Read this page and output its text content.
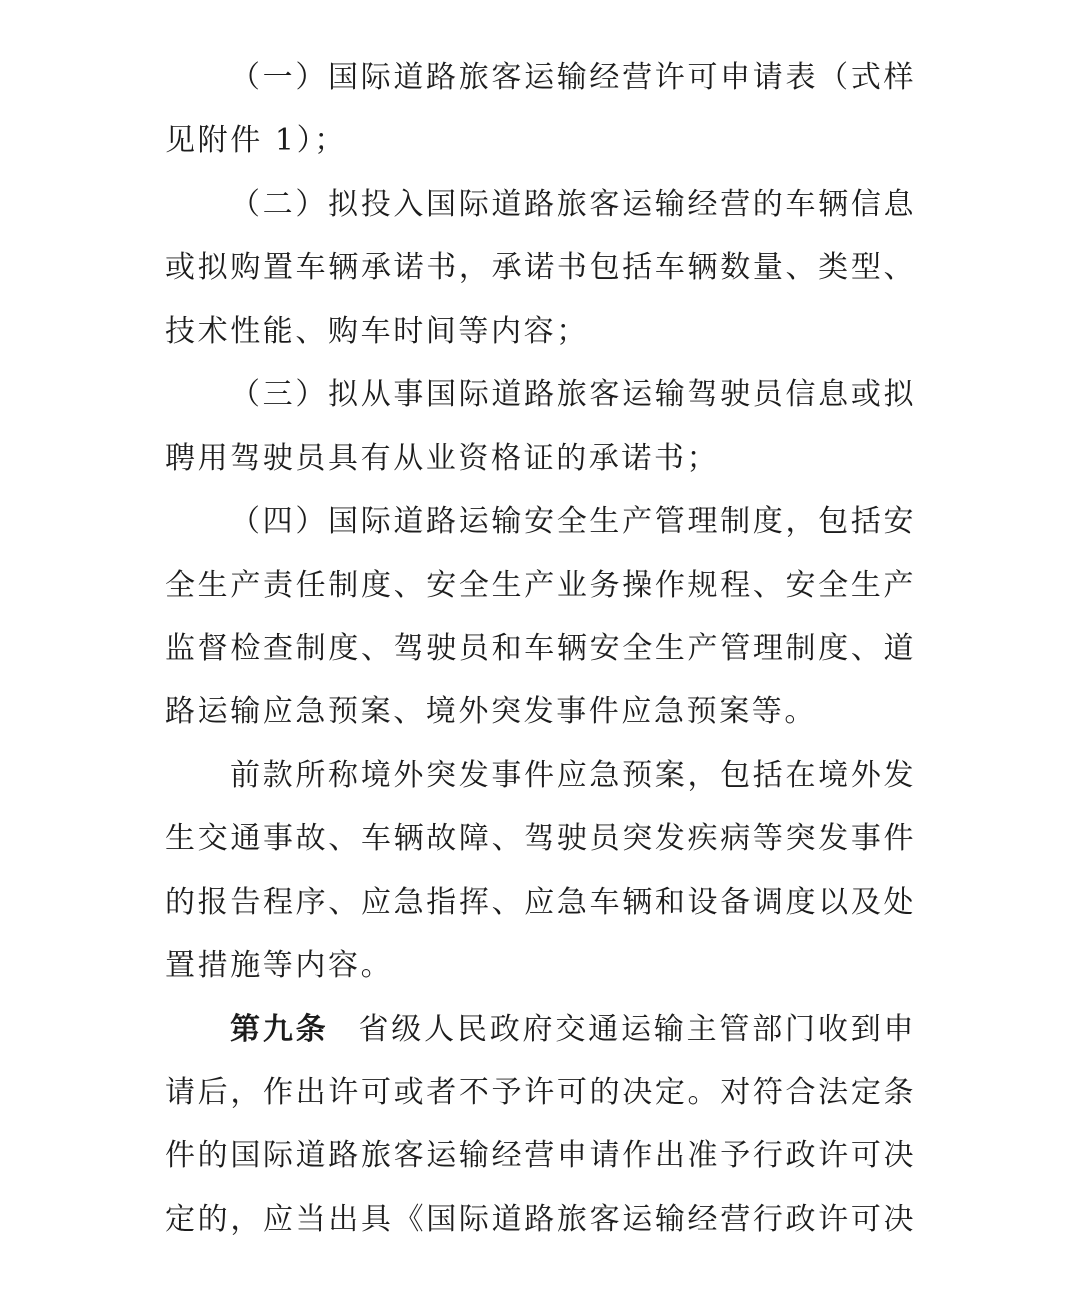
（一）国际道路旅客运输经营许可申请表（式样
见附件 1）；
（二）拟投入国际道路旅客运输经营的车辆信息
或拟购置车辆承诺书，承诺书包括车辆数量、类型、
技术性能、购车时间等内容；
（三）拟从事国际道路旅客运输驾驶员信息或拟
聘用驾驶员具有从业资格证的承诺书；
（四）国际道路运输安全生产管理制度，包括安
全生产责任制度、安全生产业务操作规程、安全生产
监督检查制度、驾驶员和车辆安全生产管理制度、道
路运输应急预案、境外突发事件应急预案等。
前款所称境外突发事件应急预案，包括在境外发
生交通事故、车辆故障、驾驶员突发疾病等突发事件
的报告程序、应急指挥、应急车辆和设备调度以及处
置措施等内容。
第九条 省级人民政府交通运输主管部门收到申
请后，作出许可或者不予许可的决定。对符合法定条
件的国际道路旅客运输经营申请作出准予行政许可决
定的，应当出具《国际道路旅客运输经营行政许可决
